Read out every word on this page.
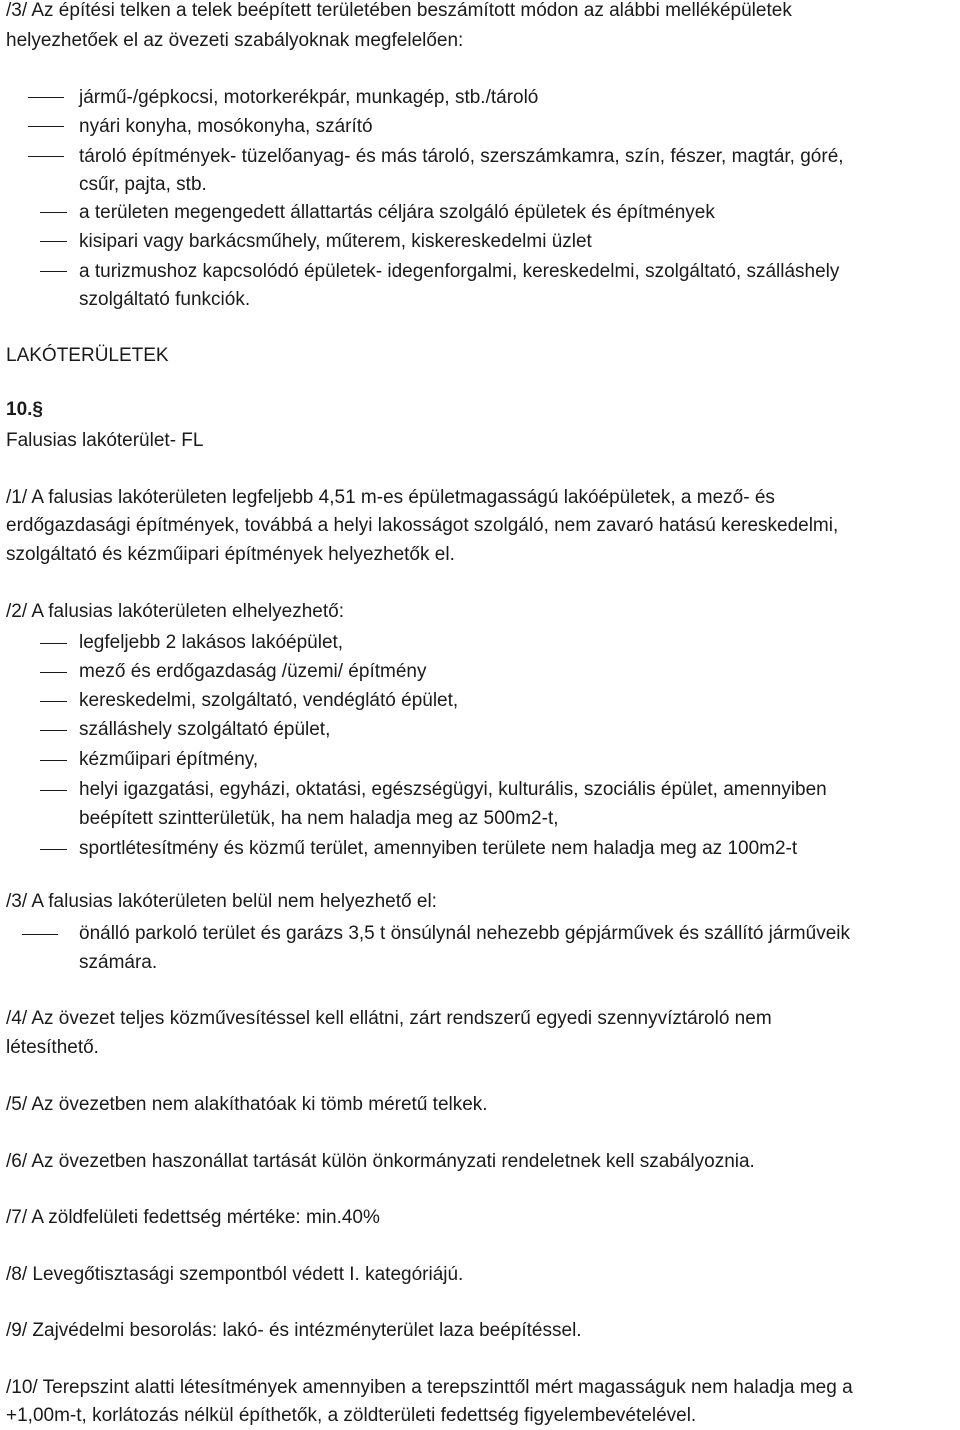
/3/ Az építési telken a telek beépített területében beszámított módon az alábbi melléképületek
helyezhetőek el az övezeti szabályoknak megfelelően:
jármű-/gépkocsi, motorkerékpár, munkagép, stb./tároló
nyári konyha, mosókonyha, szárító
tároló építmények- tüzelőanyag- és más tároló, szerszámkamra, szín, fészer, magtár, góré,
csűr, pajta, stb.
a területen megengedett állattartás céljára szolgáló épületek és építmények
kisipari vagy barkácsműhely, műterem, kiskereskedelmi üzlet
a turizmushoz kapcsolódó épületek- idegenforgalmi, kereskedelmi, szolgáltató, szálláshely
szolgáltató funkciók.
LAKÓTERÜLETEK
10.§
Falusias lakóterület- FL
/1/ A falusias lakóterületen legfeljebb 4,51 m-es épületmagasságú lakóépületek, a mező- és
erdőgazdasági építmények, továbbá a helyi lakosságot szolgáló, nem zavaró hatású kereskedelmi,
szolgáltató és kézműipari építmények helyezhetők el.
/2/ A falusias lakóterületen elhelyezhető:
legfeljebb 2 lakásos lakóépület,
mező és erdőgazdaság /üzemi/ építmény
kereskedelmi, szolgáltató, vendéglátó épület,
szálláshely szolgáltató épület,
kézműipari építmény,
helyi igazgatási, egyházi, oktatási, egészségügyi, kulturális, szociális épület, amennyiben
beépített szintterületük, ha nem haladja meg az 500m2-t,
sportlétesítmény és közmű terület, amennyiben területe nem haladja meg az 100m2-t
/3/ A falusias lakóterületen belül nem helyezhető el:
önálló parkoló terület és garázs 3,5 t önsúlynál nehezebb gépjárművek és szállító járműveik
számára.
/4/ Az övezet teljes közművesítéssel kell ellátni, zárt rendszerű egyedi szennyvíztároló nem
létesíthető.
/5/ Az övezetben nem alakíthatóak ki tömb méretű telkek.
/6/ Az övezetben haszonállat tartását külön önkormányzati rendeletnek kell szabályoznia.
/7/ A zöldfelületi fedettség mértéke: min.40%
/8/ Levegőtisztasági szempontból védett I. kategóriájú.
/9/ Zajvédelmi besorolás: lakó- és intézményterület laza beépítéssel.
/10/ Terepszint alatti létesítmények amennyiben a terepszinttől mért magasságuk nem haladja meg a
+1,00m-t, korlátozás nélkül építhetők, a zöldterületi fedettség figyelembevételével.
